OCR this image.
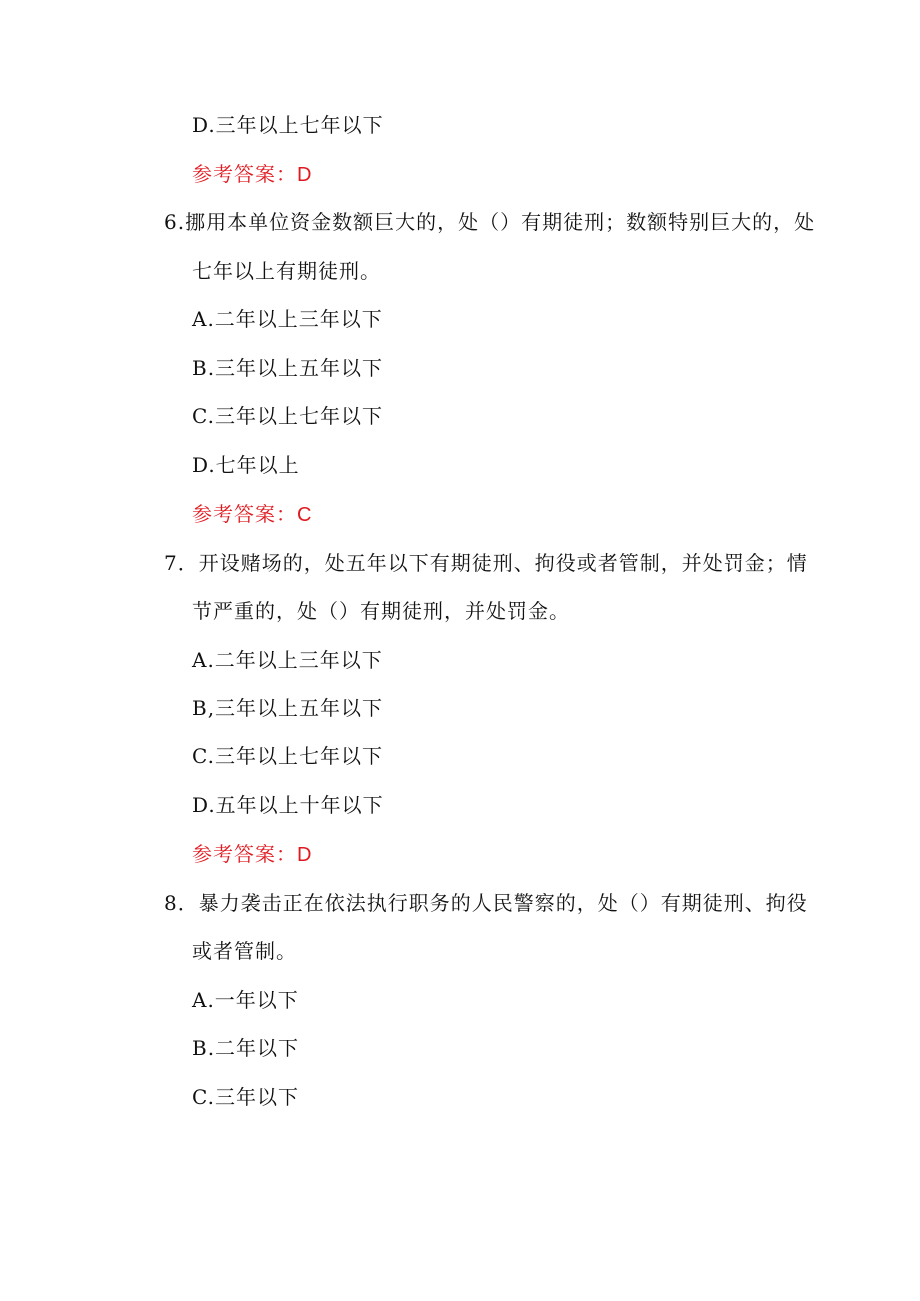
D.三年以上七年以下
参考答案：D
6.挪用本单位资金数额巨大的，处（）有期徒刑；数额特别巨大的，处
七年以上有期徒刑。
A.二年以上三年以下
B.三年以上五年以下
C.三年以上七年以下
D.七年以上
参考答案：C
7．开设赌场的，处五年以下有期徒刑、拘役或者管制，并处罚金；情
节严重的，处（）有期徒刑，并处罚金。
A.二年以上三年以下
B,三年以上五年以下
C.三年以上七年以下
D.五年以上十年以下
参考答案：D
8．暴力袭击正在依法执行职务的人民警察的，处（）有期徒刑、拘役
或者管制。
A.一年以下
B.二年以下
C.三年以下
